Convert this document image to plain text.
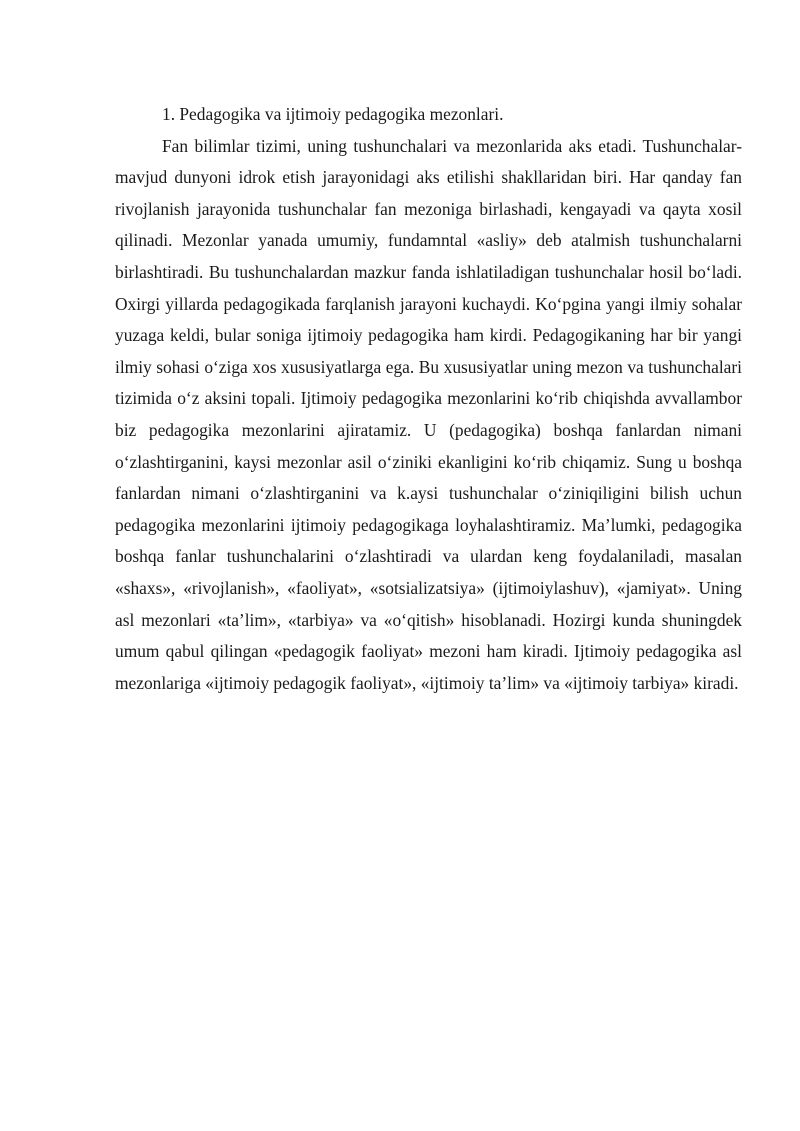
1. Pedagogika va ijtimoiy pedagogika mezonlari.

Fan bilimlar tizimi, uning tushunchalari va mezonlarida aks etadi. Tushunchalar-mavjud dunyoni idrok etish jarayonidagi aks etilishi shakllaridan biri. Har qanday fan rivojlanish jarayonida tushunchalar fan mezoniga birlashadi, kengayadi va qayta xosil qilinadi. Mezonlar yanada umumiy, fundamntal «asliy» deb atalmish tushunchalarni birlashtiradi. Bu tushunchalardan mazkur fanda ishlatiladigan tushunchalar hosil bo‘ladi. Oxirgi yillarda pedagogikada farqlanish jarayoni kuchaydi. Ko‘pgina yangi ilmiy sohalar yuzaga keldi, bular soniga ijtimoiy pedagogika ham kirdi. Pedagogikaning har bir yangi ilmiy sohasi o‘ziga xos xususiyatlarga ega. Bu xususiyatlar uning mezon va tushunchalari tizimida o‘z aksini topali. Ijtimoiy pedagogika mezonlarini ko‘rib chiqishda avvallambor biz pedagogika mezonlarini ajiratamiz. U (pedagogika) boshqa fanlardan nimani o‘zlashtirganini, kaysi mezonlar asil o‘ziniki ekanligini ko‘rib chiqamiz. Sung u boshqa fanlardan nimani o‘zlashtirganini va k.aysi tushunchalar o‘ziniqiligini bilish uchun pedagogika mezonlarini ijtimoiy pedagogikaga loyhalashtiramiz. Ma’lumki, pedagogika boshqa fanlar tushunchalarini o‘zlashtiradi va ulardan keng foydalaniladi, masalan «shaxs», «rivojlanish», «faoliyat», «sotsializatsiya» (ijtimoiylashuv), «jamiyat». Uning asl mezonlari «ta’lim», «tarbiya» va «o‘qitish» hisoblanadi. Hozirgi kunda shuningdek umum qabul qilingan «pedagogik faoliyat» mezoni ham kiradi. Ijtimoiy pedagogika asl mezonlariga «ijtimoiy pedagogik faoliyat», «ijtimoiy ta’lim» va «ijtimoiy tarbiya» kiradi.
